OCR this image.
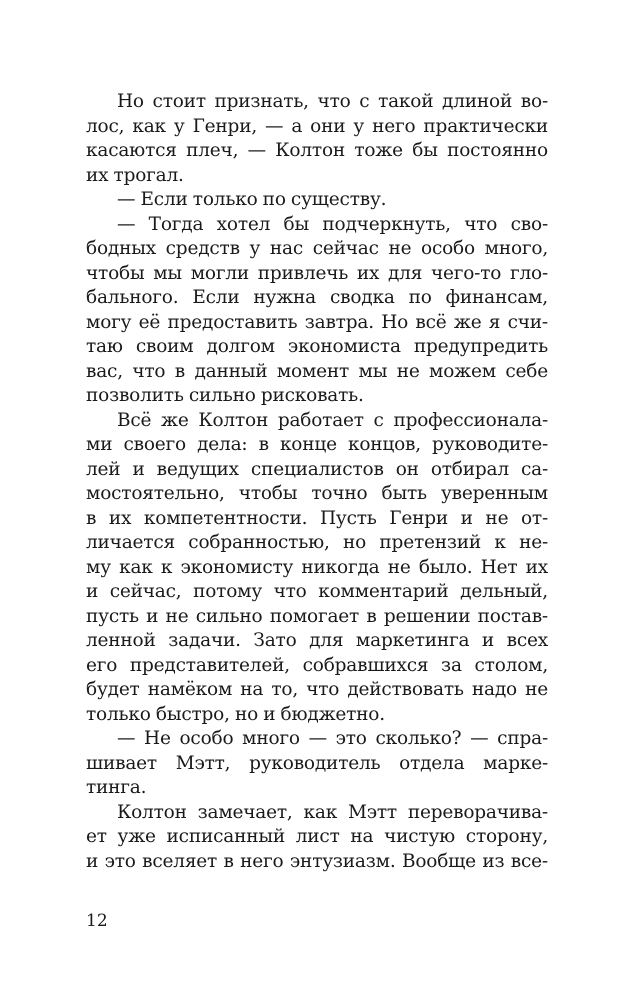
Но стоит признать, что с такой длиной во-
лос, как у Генри, — а они у него практически
касаются плеч, — Колтон тоже бы постоянно
их трогал.
— Если только по существу.
— Тогда хотел бы подчеркнуть, что сво-
бодных средств у нас сейчас не особо много,
чтобы мы могли привлечь их для чего-то гло-
бального. Если нужна сводка по финансам,
могу её предоставить завтра. Но всё же я счи-
таю своим долгом экономиста предупредить
вас, что в данный момент мы не можем себе
позволить сильно рисковать.
Всё же Колтон работает с профессионала-
ми своего дела: в конце концов, руководите-
лей и ведущих специалистов он отбирал са-
мостоятельно, чтобы точно быть уверенным
в их компетентности. Пусть Генри и не от-
личается собранностью, но претензий к не-
му как к экономисту никогда не было. Нет их
и сейчас, потому что комментарий дельный,
пусть и не сильно помогает в решении постав-
ленной задачи. Зато для маркетинга и всех
его представителей, собравшихся за столом,
будет намёком на то, что действовать надо не
только быстро, но и бюджетно.
— Не особо много — это сколько? — спра-
шивает Мэтт, руководитель отдела марке-
тинга.
Колтон замечает, как Мэтт переворачива-
ет уже исписанный лист на чистую сторону,
и это вселяет в него энтузиазм. Вообще из все-
12
